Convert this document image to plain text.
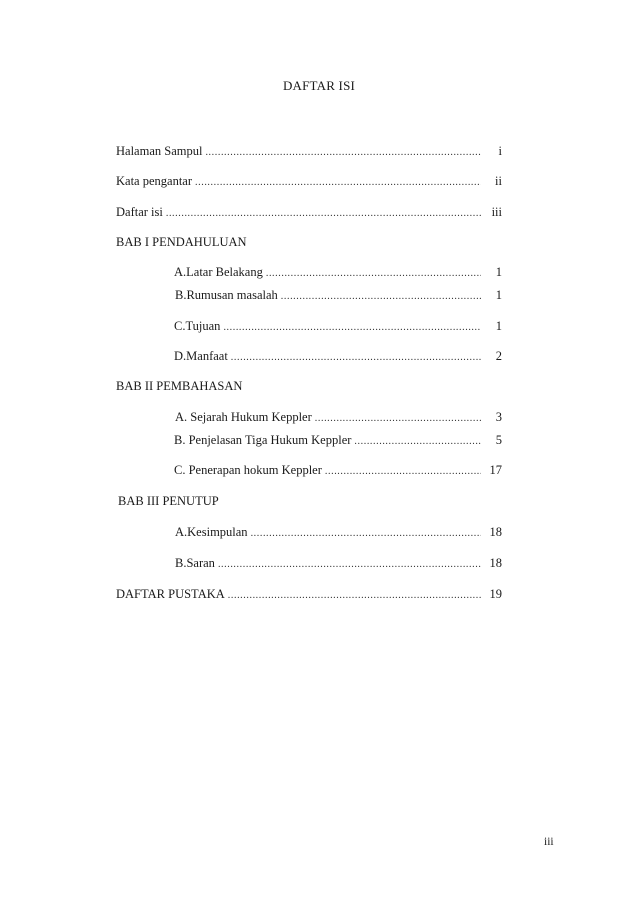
DAFTAR ISI
Halaman Sampul .....	i
Kata pengantar .....	ii
Daftar isi .....	iii
BAB I PENDAHULUAN
A.Latar Belakang .....	1
B.Rumusan masalah .....	1
C.Tujuan .....	1
D.Manfaat .....	2
BAB II PEMBAHASAN
A. Sejarah Hukum Keppler .....	3
B. Penjelasan Tiga Hukum Keppler .....	5
C. Penerapan hokum Keppler .....	17
BAB III PENUTUP
A.Kesimpulan .....	18
B.Saran .....	18
DAFTAR PUSTAKA .....	19
iii
